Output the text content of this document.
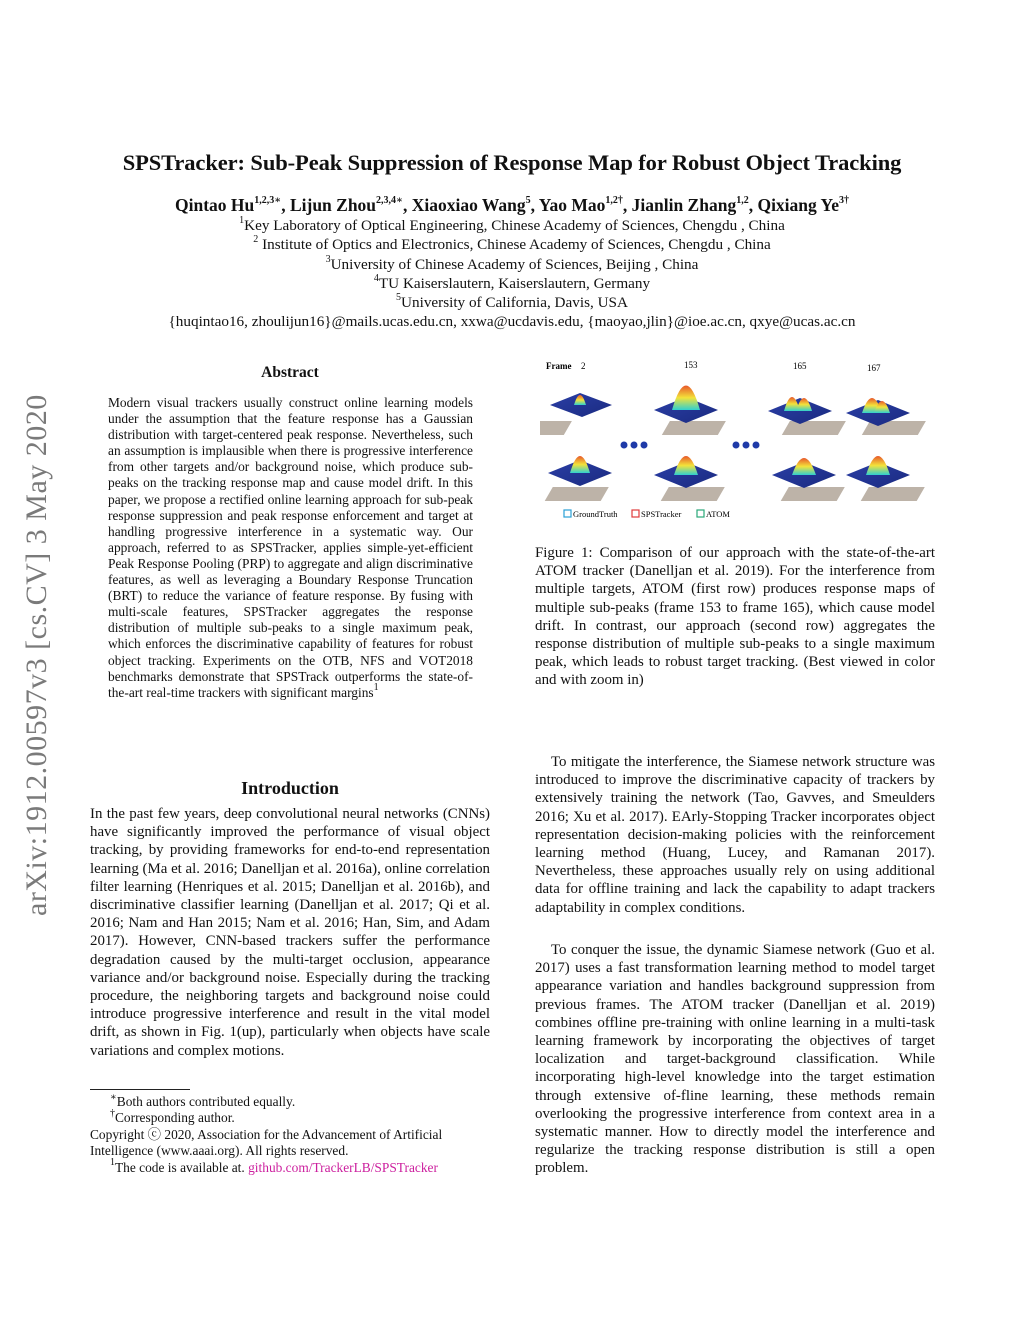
arXiv:1912.00597v3 [cs.CV] 3 May 2020
SPSTracker: Sub-Peak Suppression of Response Map for Robust Object Tracking
Qintao $Hu^{1,2,3∗}$, Lijun Zhou$^{2,3,4∗}$, Xiaoxiao Wang$^5$, Yao Mao$^{1,2\dagger}$, Jianlin Zhang$^{1,2}$, Qixiang $Ye^{3\dagger}$
$^1$Key Laboratory of Optical Engineering, Chinese Academy of Sciences, Chengdu , China
$^2$ Institute of Optics and Electronics, Chinese Academy of Sciences, Chengdu , China
$^3$University of Chinese Academy of Sciences, Beijing , China
$^4$TU Kaiserslautern, Kaiserslautern, Germany
$^5$University of California, Davis, USA
{huqintao16, zhoulijun16}@mails.ucas.edu.cn, xxwa@ucdavis.edu, {maoyao,jlin}@ioe.ac.cn, qxye@ucas.ac.cn
Abstract
Modern visual trackers usually construct online learning models under the assumption that the feature response has a Gaussian distribution with target-centered peak response. Nevertheless, such an assumption is implausible when there is progressive interference from other targets and/or background noise, which produce sub-peaks on the tracking response map and cause model drift. In this paper, we propose a rectified online learning approach for sub-peak response suppression and peak response enforcement and target at handling progressive interference in a systematic way. Our approach, referred to as SPSTracker, applies simple-yet-efficient Peak Response Pooling (PRP) to aggregate and align discriminative features, as well as leveraging a Boundary Response Truncation (BRT) to reduce the variance of feature response. By fusing with multi-scale features, SPSTracker aggregates the response distribution of multiple sub-peaks to a single maximum peak, which enforces the discriminative capability of features for robust object tracking. Experiments on the OTB, NFS and VOT2018 benchmarks demonstrate that SPSTrack outperforms the state-of-the-art real-time trackers with significant margins$^1$
Introduction

In the past few years, deep convolutional neural networks (CNNs) have significantly improved the performance of visual object tracking, by providing frameworks for end-to-end representation learning (Ma et al. 2016; Danelljan et al. 2016a), online correlation filter learning (Henriques et al. 2015; Danelljan et al. 2016b), and discriminative classifier learning (Danelljan et al. 2017; Qi et al. 2016; Nam and Han 2015; Nam et al. 2016; Han, Sim, and Adam 2017). However, CNN-based trackers suffer the performance degradation caused by the multi-target occlusion, appearance variance and/or background noise. Especially during the tracking procedure, the neighboring targets and background noise could introduce progressive interference and result in the vital model drift, as shown in Fig. 1(up), particularly when objects have scale variations and complex motions.

∗Both authors contributed equally.
†Corresponding author.
Copyright ⓒ 2020, Association for the Advancement of Artificial Intelligence (www.aaai.org). All rights reserved.
$^1$The code is available at. github.com/TrackerLB/SPSTracker
Frame 2	153	165	167
GroundTruth	SPSTracker	ATOM

Figure 1: Comparison of our approach with the state-of-the-art ATOM tracker (Danelljan et al. 2019). For the interference from multiple targets, ATOM (first row) produces response maps of multiple sub-peaks (frame 153 to frame 165), which cause model drift. In contrast, our approach (second row) aggregates the response distribution of multiple sub-peaks to a single maximum peak, which leads to robust target tracking. (Best viewed in color and with zoom in)

To mitigate the interference, the Siamese network structure was introduced to improve the discriminative capacity of trackers by extensively training the network (Tao, Gavves, and Smeulders 2016; Xu et al. 2017). EArly-Stopping Tracker incorporates object representation decision-making policies with the reinforcement learning method (Huang, Lucey, and Ramanan 2017). Nevertheless, these approaches usually rely on using additional data for offline training and lack the capability to adapt trackers adaptability in complex conditions.

To conquer the issue, the dynamic Siamese network (Guo et al. 2017) uses a fast transformation learning method to model target appearance variation and handles background suppression from previous frames. The ATOM tracker (Danelljan et al. 2019) combines offline pre-training with online learning in a multi-task learning framework by incorporating the objectives of target localization and target-background classification. While incorporating high-level knowledge into the target estimation through extensive of-fline learning, these methods remain overlooking the progressive interference from context area in a systematic manner. How to directly model the interference and regularize the tracking response distribution is still a open problem.
